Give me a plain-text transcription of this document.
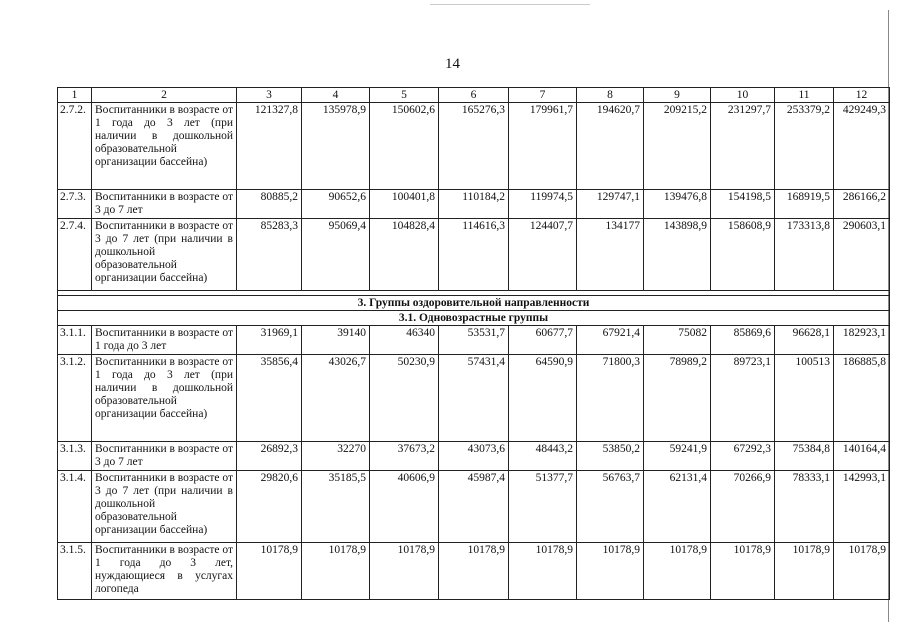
14
1	2	3	4	5	6	7	8	9	10	11	12
2.7.2.	Воспитанники в возрасте от 1 года до 3 лет (при наличии в дошкольной образовательной организации бассейна)	121327,8	135978,9	150602,6	165276,3	179961,7	194620,7	209215,2	231297,7	253379,2	429249,3
2.7.3.	Воспитанники в возрасте от 3 до 7 лет	80885,2	90652,6	100401,8	110184,2	119974,5	129747,1	139476,8	154198,5	168919,5	286166,2
2.7.4.	Воспитанники в возрасте от 3 до 7 лет (при наличии в дошкольной образовательной организации бассейна)	85283,3	95069,4	104828,4	114616,3	124407,7	134177	143898,9	158608,9	173313,8	290603,1

3. Группы оздоровительной направленности											
3.1. Одновозрастные группы											
3.1.1.	Воспитанники в возрасте от 1 года до 3 лет	31969,1	39140	46340	53531,7	60677,7	67921,4	75082	85869,6	96628,1	182923,1
3.1.2.	Воспитанники в возрасте от 1 года до 3 лет (при наличии в дошкольной образовательной организации бассейна)	35856,4	43026,7	50230,9	57431,4	64590,9	71800,3	78989,2	89723,1	100513	186885,8
3.1.3.	Воспитанники в возрасте от 3 до 7 лет	26892,3	32270	37673,2	43073,6	48443,2	53850,2	59241,9	67292,3	75384,8	140164,4
3.1.4.	Воспитанники в возрасте от 3 до 7 лет (при наличии в дошкольной образовательной организации бассейна)	29820,6	35185,5	40606,9	45987,4	51377,7	56763,7	62131,4	70266,9	78333,1	142993,1
3.1.5.	Воспитанники в возрасте от 1 года до 3 лет, нуждающиеся в услугах логопеда	10178,9	10178,9	10178,9	10178,9	10178,9	10178,9	10178,9	10178,9	10178,9	10178,9
